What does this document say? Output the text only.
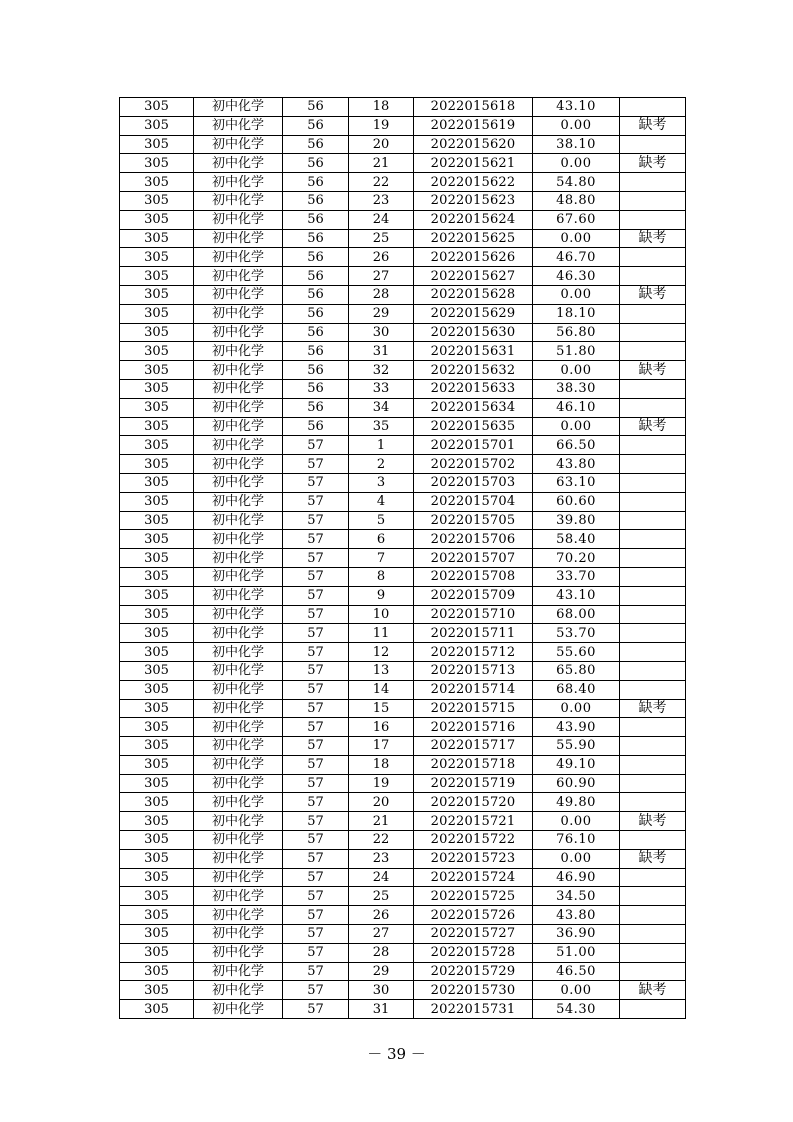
305	初中化学	56	18	2022015618	43.10	
305	初中化学	56	19	2022015619	0.00	缺考
305	初中化学	56	20	2022015620	38.10	
305	初中化学	56	21	2022015621	0.00	缺考
305	初中化学	56	22	2022015622	54.80	
305	初中化学	56	23	2022015623	48.80	
305	初中化学	56	24	2022015624	67.60	
305	初中化学	56	25	2022015625	0.00	缺考
305	初中化学	56	26	2022015626	46.70	
305	初中化学	56	27	2022015627	46.30	
305	初中化学	56	28	2022015628	0.00	缺考
305	初中化学	56	29	2022015629	18.10	
305	初中化学	56	30	2022015630	56.80	
305	初中化学	56	31	2022015631	51.80	
305	初中化学	56	32	2022015632	0.00	缺考
305	初中化学	56	33	2022015633	38.30	
305	初中化学	56	34	2022015634	46.10	
305	初中化学	56	35	2022015635	0.00	缺考
305	初中化学	57	1	2022015701	66.50	
305	初中化学	57	2	2022015702	43.80	
305	初中化学	57	3	2022015703	63.10	
305	初中化学	57	4	2022015704	60.60	
305	初中化学	57	5	2022015705	39.80	
305	初中化学	57	6	2022015706	58.40	
305	初中化学	57	7	2022015707	70.20	
305	初中化学	57	8	2022015708	33.70	
305	初中化学	57	9	2022015709	43.10	
305	初中化学	57	10	2022015710	68.00	
305	初中化学	57	11	2022015711	53.70	
305	初中化学	57	12	2022015712	55.60	
305	初中化学	57	13	2022015713	65.80	
305	初中化学	57	14	2022015714	68.40	
305	初中化学	57	15	2022015715	0.00	缺考
305	初中化学	57	16	2022015716	43.90	
305	初中化学	57	17	2022015717	55.90	
305	初中化学	57	18	2022015718	49.10	
305	初中化学	57	19	2022015719	60.90	
305	初中化学	57	20	2022015720	49.80	
305	初中化学	57	21	2022015721	0.00	缺考
305	初中化学	57	22	2022015722	76.10	
305	初中化学	57	23	2022015723	0.00	缺考
305	初中化学	57	24	2022015724	46.90	
305	初中化学	57	25	2022015725	34.50	
305	初中化学	57	26	2022015726	43.80	
305	初中化学	57	27	2022015727	36.90	
305	初中化学	57	28	2022015728	51.00	
305	初中化学	57	29	2022015729	46.50	
305	初中化学	57	30	2022015730	0.00	缺考
305	初中化学	57	31	2022015731	54.30	
－ 39 －
